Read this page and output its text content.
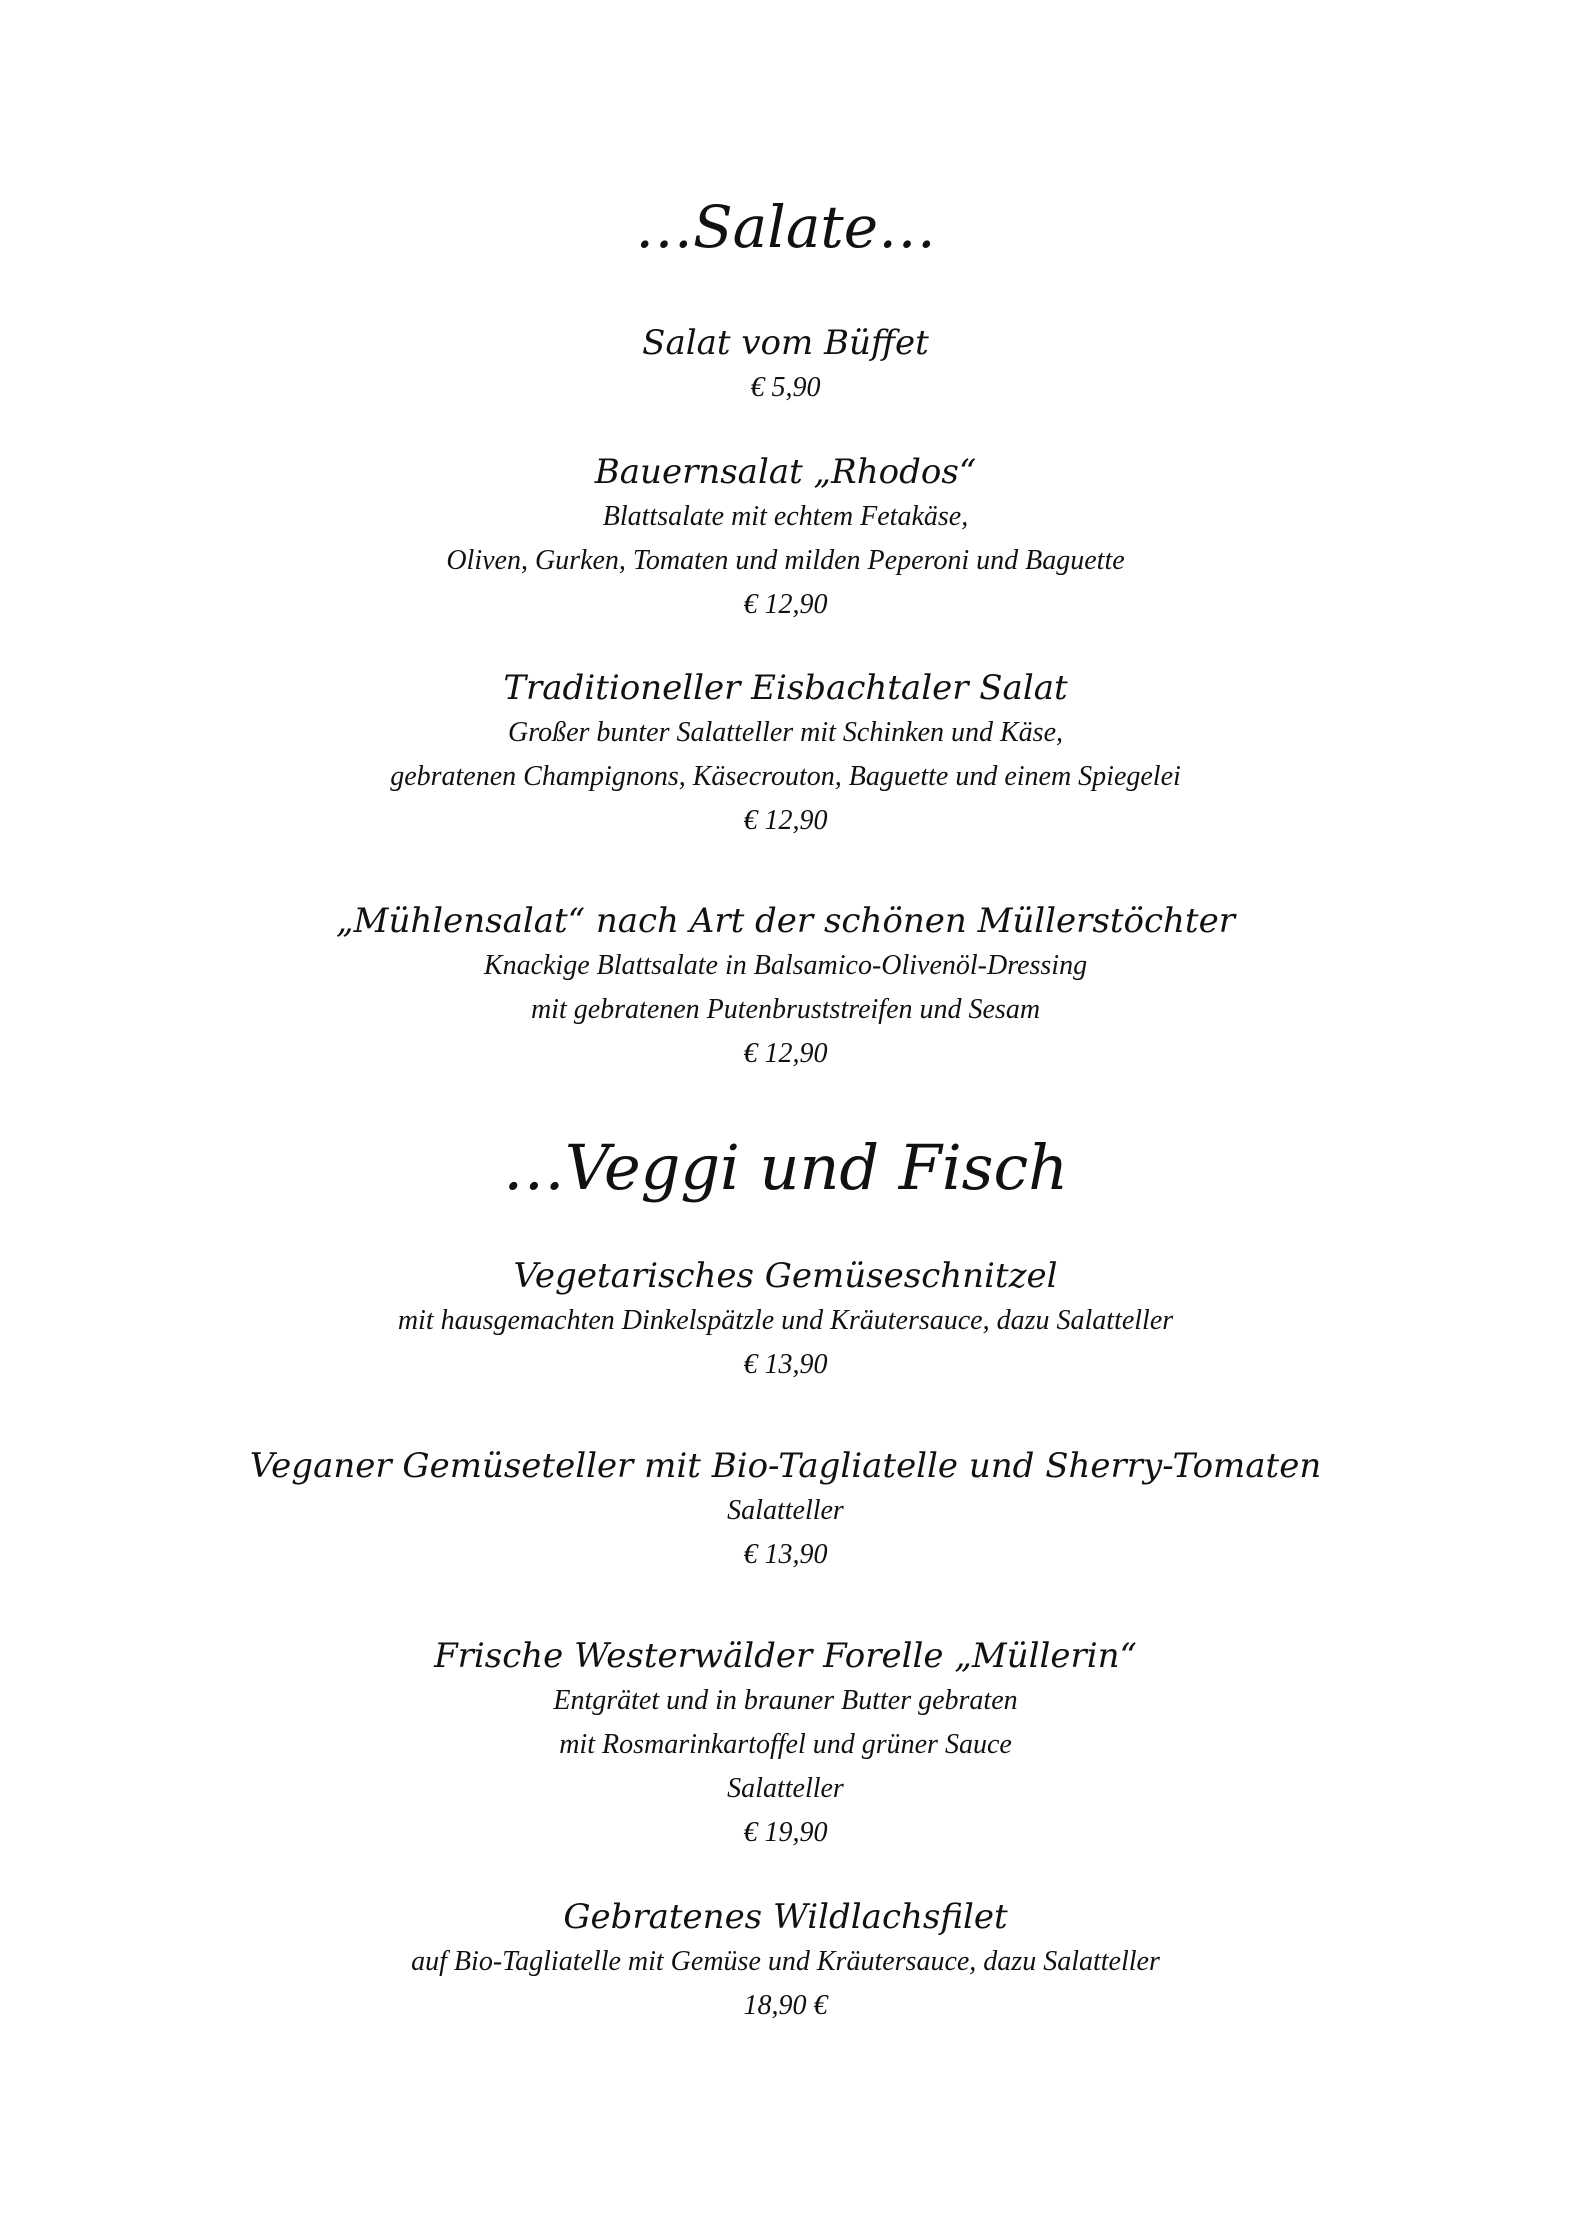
…Salate…
Salat vom Büffet
€ 5,90
Bauernsalat „Rhodos“
Blattsalate mit echtem Fetakäse,
Oliven, Gurken, Tomaten und milden Peperoni und Baguette
€ 12,90
Traditioneller Eisbachtaler Salat
Großer bunter Salatteller mit Schinken und Käse,
gebratenen Champignons, Käsecrouton, Baguette und einem Spiegelei
€ 12,90
„Mühlensalat“ nach Art der schönen Müllerstöchter
Knackige Blattsalate in Balsamico-Olivenöl-Dressing
mit gebratenen Putenbruststreifen und Sesam
€ 12,90
…Veggi und Fisch
Vegetarisches Gemüseschnitzel
mit hausgemachten Dinkelspätzle und Kräutersauce, dazu Salatteller
€ 13,90
Veganer Gemüseteller mit Bio-Tagliatelle und Sherry-Tomaten
Salatteller
€ 13,90
Frische Westerwälder Forelle „Müllerin“
Entgrätet und in brauner Butter gebraten
mit Rosmarinkartoffel und grüner Sauce
Salatteller
€ 19,90
Gebratenes Wildlachsfilet
auf Bio-Tagliatelle mit Gemüse und Kräutersauce, dazu Salatteller
18,90 €
